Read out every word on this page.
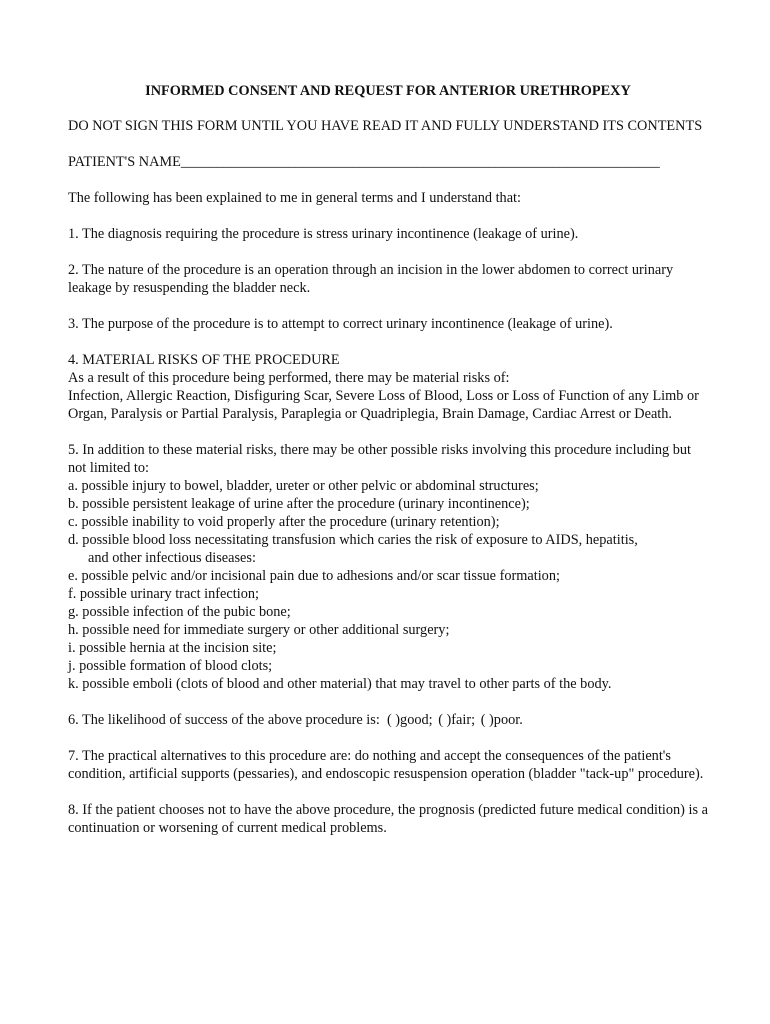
INFORMED CONSENT AND REQUEST FOR ANTERIOR URETHROPEXY
DO NOT SIGN THIS FORM UNTIL YOU HAVE READ IT AND FULLY UNDERSTAND ITS CONTENTS
PATIENT'S NAME___________________________________________________________________
The following has been explained to me in general terms and I understand that:
1. The diagnosis requiring the procedure is stress urinary incontinence (leakage of urine).
2. The nature of the procedure is an operation through an incision in the lower abdomen to correct urinary leakage by resuspending the bladder neck.
3. The purpose of the procedure is to attempt to correct urinary incontinence (leakage of urine).
4. MATERIAL RISKS OF THE PROCEDURE
As a result of this procedure being performed, there may be material risks of:
Infection, Allergic Reaction, Disfiguring Scar, Severe Loss of Blood, Loss or Loss of Function of any Limb or Organ, Paralysis or Partial Paralysis, Paraplegia or Quadriplegia, Brain Damage, Cardiac Arrest or Death.
5. In addition to these material risks, there may be other possible risks involving this procedure including but not limited to:
a. possible injury to bowel, bladder, ureter or other pelvic or abdominal structures;
b. possible persistent leakage of urine after the procedure (urinary incontinence);
c. possible inability to void properly after the procedure (urinary retention);
d. possible blood loss necessitating transfusion which caries the risk of exposure to AIDS, hepatitis,
and other infectious diseases:
e. possible pelvic and/or incisional pain due to adhesions and/or scar tissue formation;
f. possible urinary tract infection;
g. possible infection of the pubic bone;
h. possible need for immediate surgery or other additional surgery;
i. possible hernia at the incision site;
j. possible formation of blood clots;
k. possible emboli (clots of blood and other material) that may travel to other parts of the body.
6. The likelihood of success of the above procedure is: ( )good; ( )fair; ( )poor.
7. The practical alternatives to this procedure are: do nothing and accept the consequences of the patient's condition, artificial supports (pessaries), and endoscopic resuspension operation (bladder "tack-up" procedure).
8. If the patient chooses not to have the above procedure, the prognosis (predicted future medical condition) is a continuation or worsening of current medical problems.
